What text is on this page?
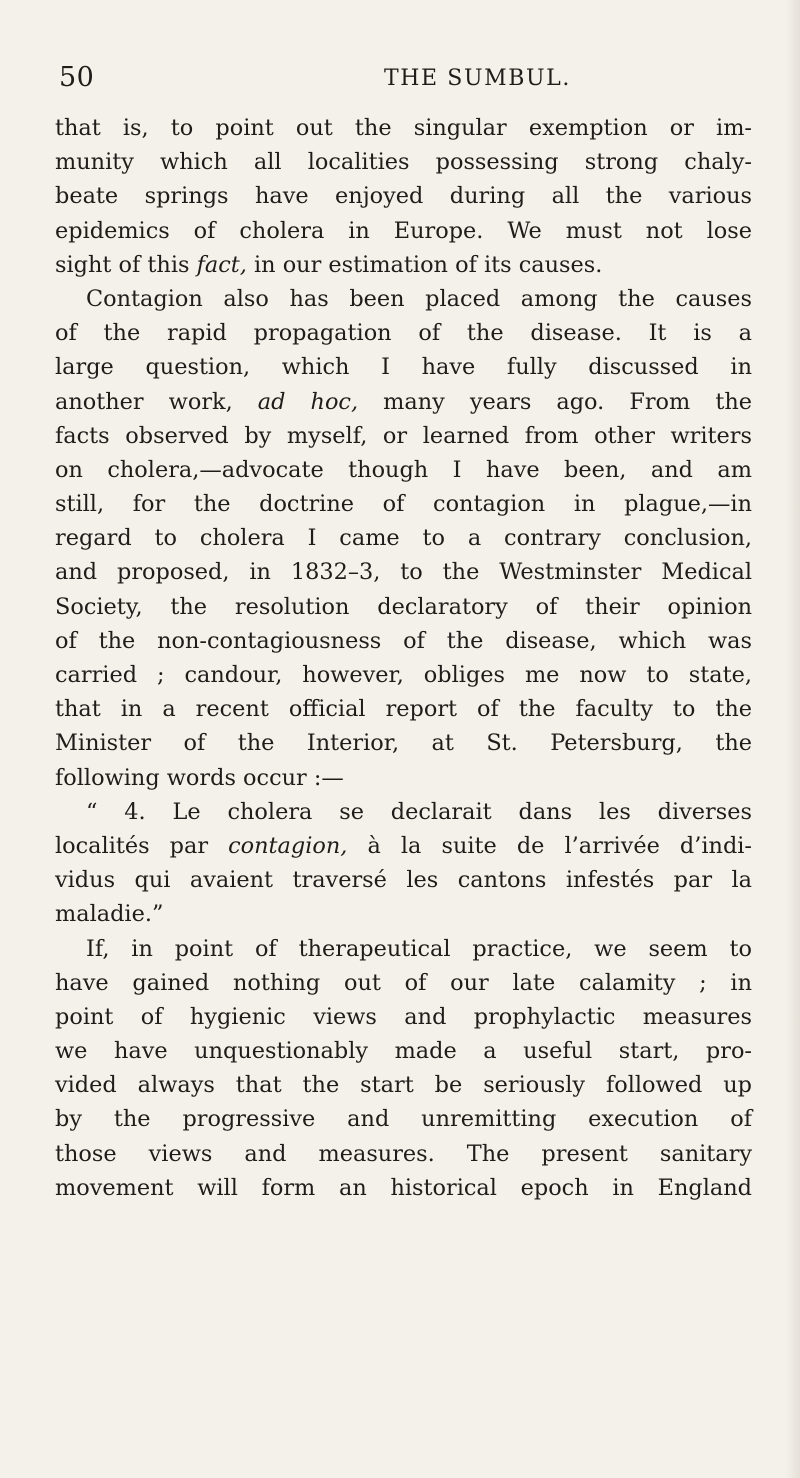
50	THE SUMBUL.
that is, to point out the singular exemption or im-
munity which all localities possessing strong chaly-
beate springs have enjoyed during all the various
epidemics of cholera in Europe. We must not lose
sight of this fact, in our estimation of its causes.
Contagion also has been placed among the causes
of the rapid propagation of the disease. It is a
large question, which I have fully discussed in
another work, ad hoc, many years ago. From the
facts observed by myself, or learned from other writers
on cholera,—advocate though I have been, and am
still, for the doctrine of contagion in plague,—in
regard to cholera I came to a contrary conclusion,
and proposed, in 1832–3, to the Westminster Medical
Society, the resolution declaratory of their opinion
of the non-contagiousness of the disease, which was
carried ; candour, however, obliges me now to state,
that in a recent official report of the faculty to the
Minister of the Interior, at St. Petersburg, the
following words occur :—
“ 4. Le cholera se declarait dans les diverses
localités par contagion, à la suite de l’arrivée d’indi-
vidus qui avaient traversé les cantons infestés par la
maladie.”
If, in point of therapeutical practice, we seem to
have gained nothing out of our late calamity ; in
point of hygienic views and prophylactic measures
we have unquestionably made a useful start, pro-
vided always that the start be seriously followed up
by the progressive and unremitting execution of
those views and measures. The present sanitary
movement will form an historical epoch in England
